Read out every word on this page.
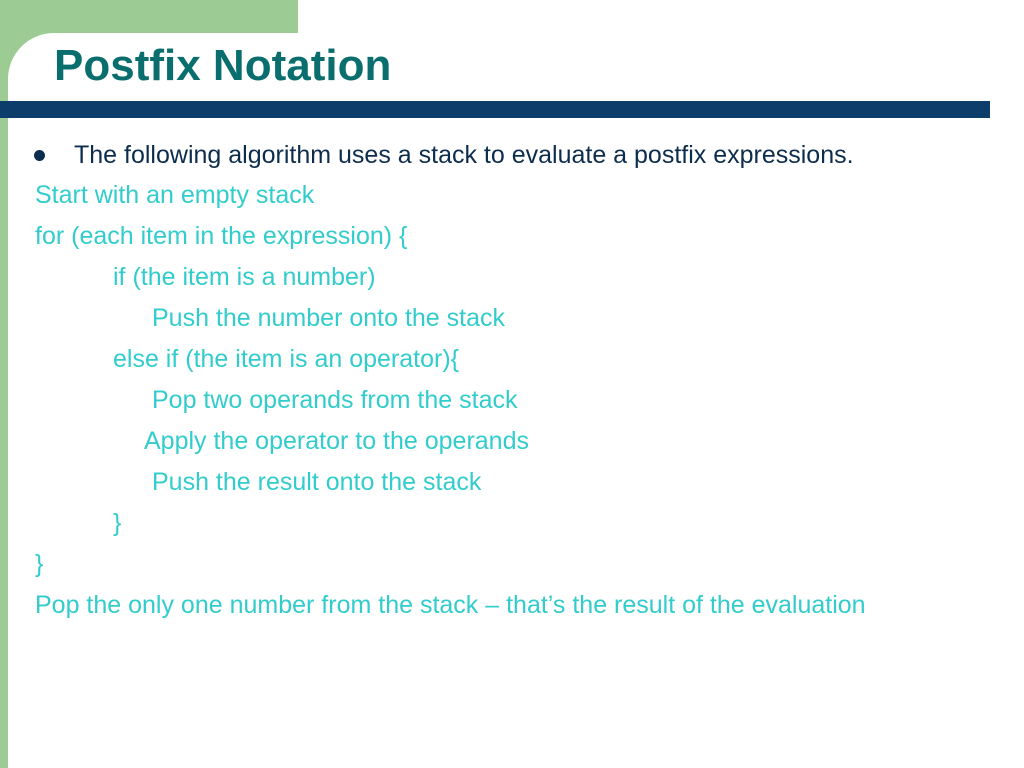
Postfix Notation
The following algorithm uses a stack to evaluate a postfix expressions.
Start with an empty stack
for (each item in the expression) {
if (the item is a number)
Push the number onto the stack
else if (the item is an operator){
Pop two operands from the stack
Apply the operator to the operands
Push the result onto the stack
}
}
Pop the only one number from the stack – that’s the result of the evaluation
